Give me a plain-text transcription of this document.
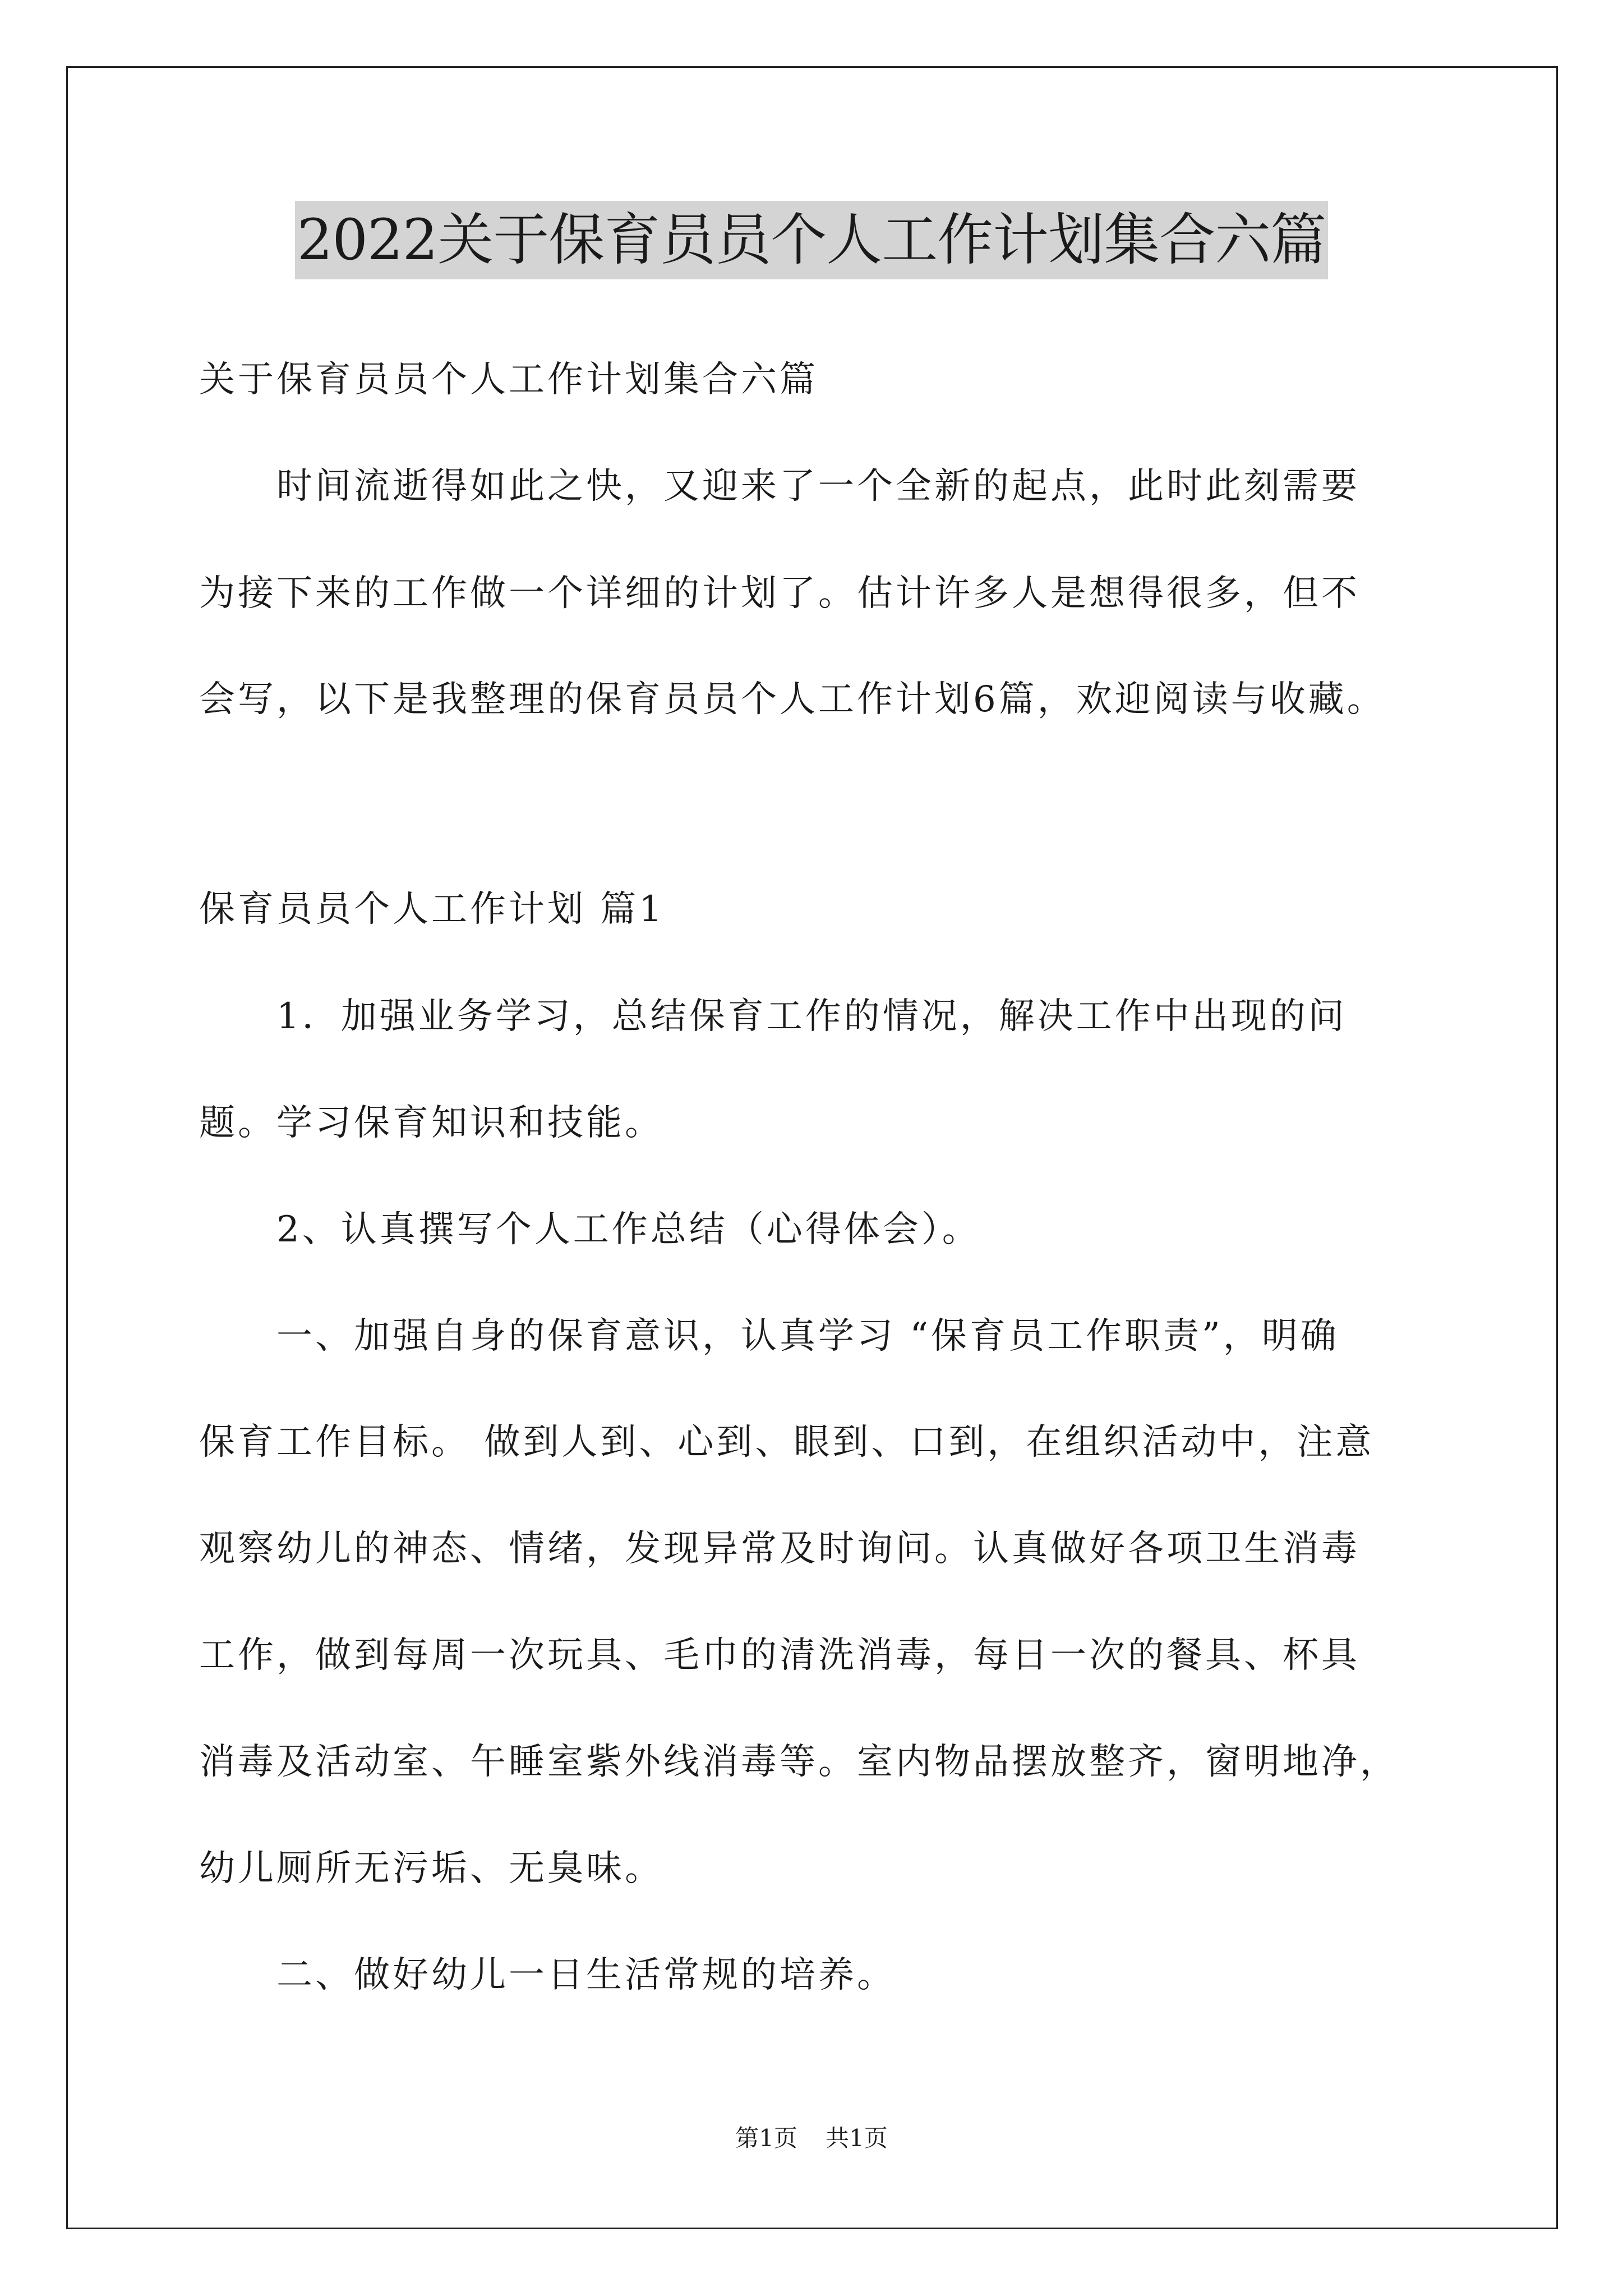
2022关于保育员员个人工作计划集合六篇
关于保育员员个人工作计划集合六篇
时间流逝得如此之快，又迎来了一个全新的起点，此时此刻需要
为接下来的工作做一个详细的计划了。估计许多人是想得很多，但不
会写，以下是我整理的保育员员个人工作计划6篇，欢迎阅读与收藏。
保育员员个人工作计划 篇1
1．加强业务学习，总结保育工作的情况，解决工作中出现的问
题。学习保育知识和技能。
2、认真撰写个人工作总结（心得体会）。
一、加强自身的保育意识，认真学习 “保育员工作职责”，明确
保育工作目标。 做到人到、心到、眼到、口到，在组织活动中，注意
观察幼儿的神态、情绪，发现异常及时询问。认真做好各项卫生消毒
工作，做到每周一次玩具、毛巾的清洗消毒，每日一次的餐具、杯具
消毒及活动室、午睡室紫外线消毒等。室内物品摆放整齐，窗明地净，
幼儿厕所无污垢、无臭味。
二、做好幼儿一日生活常规的培养。
第1页 共1页
